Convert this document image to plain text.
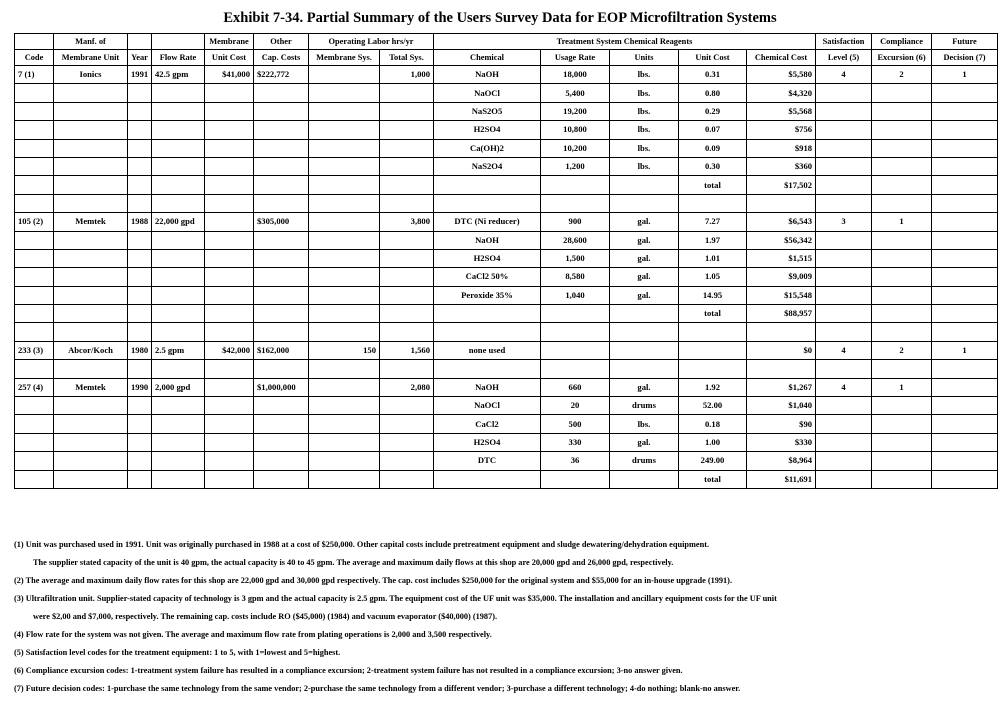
Exhibit 7-34. Partial Summary of the Users Survey Data for EOP Microfiltration Systems
	Manf. of			Membrane	Other	Operating Labor hrs/yr		Treatment System Chemical Reagents					Satisfaction	Compliance	Future
Code	Membrane Unit	Year	Flow Rate	Unit Cost	Cap. Costs	Membrane Sys.	Total Sys.	Chemical	Usage Rate	Units	Unit Cost	Chemical Cost	Level (5)	Excursion (6)	Decision (7)
7 (1)	Ionics	1991	42.5 gpm	$41,000	$222,772		1,000	NaOH	18,000	lbs.	0.31	$5,580	4	2	1
								NaOCl	5,400	lbs.	0.80	$4,320			
								NaS2O5	19,200	lbs.	0.29	$5,568			
								H2SO4	10,800	lbs.	0.07	$756			
								Ca(OH)2	10,200	lbs.	0.09	$918			
								NaS2O4	1,200	lbs.	0.30	$360			
											total	$17,502			

105 (2)	Memtek	1988	22,000 gpd		$305,000		3,800	DTC (Ni reducer)	900	gal.	7.27	$6,543	3	1	
								NaOH	28,600	gal.	1.97	$56,342			
								H2SO4	1,500	gal.	1.01	$1,515			
								CaCl2 50%	8,580	gal.	1.05	$9,009			
								Peroxide 35%	1,040	gal.	14.95	$15,548			
											total	$88,957			

233 (3)	Abcor/Koch	1980	2.5 gpm	$42,000	$162,000	150	1,560	none used				$0	4	2	1

257 (4)	Memtek	1990	2,000 gpd		$1,000,000		2,080	NaOH	660	gal.	1.92	$1,267	4	1	
								NaOCl	20	drums	52.00	$1,040			
								CaCl2	500	lbs.	0.18	$90			
								H2SO4	330	gal.	1.00	$330			
								DTC	36	drums	249.00	$8,964			
											total	$11,691			
(1) Unit was purchased used in 1991. Unit was originally purchased in 1988 at a cost of $250,000. Other capital costs include pretreatment equipment and sludge dewatering/dehydration equipment.
The supplier stated capacity of the unit is 40 gpm, the actual capacity is 40 to 45 gpm. The average and maximum daily flows at this shop are 20,000 gpd and 26,000 gpd, respectively.
(2) The average and maximum daily flow rates for this shop are 22,000 gpd and 30,000 gpd respectively. The cap. cost includes $250,000 for the original system and $55,000 for an in-house upgrade (1991).
(3) Ultrafiltration unit. Supplier-stated capacity of technology is 3 gpm and the actual capacity is 2.5 gpm. The equipment cost of the UF unit was $35,000. The installation and ancillary equipment costs for the UF unit
were $2,00 and $7,000, respectively. The remaining cap. costs include RO ($45,000) (1984) and vacuum evaporator ($40,000) (1987).
(4) Flow rate for the system was not given. The average and maximum flow rate from plating operations is 2,000 and 3,500 respectively.
(5) Satisfaction level codes for the treatment equipment: 1 to 5, with 1=lowest and 5=highest.
(6) Compliance excursion codes: 1-treatment system failure has resulted in a compliance excursion; 2-treatment system failure has not resulted in a compliance excursion; 3-no answer given.
(7) Future decision codes: 1-purchase the same technology from the same vendor; 2-purchase the same technology from a different vendor; 3-purchase a different technology; 4-do nothing; blank-no answer.
